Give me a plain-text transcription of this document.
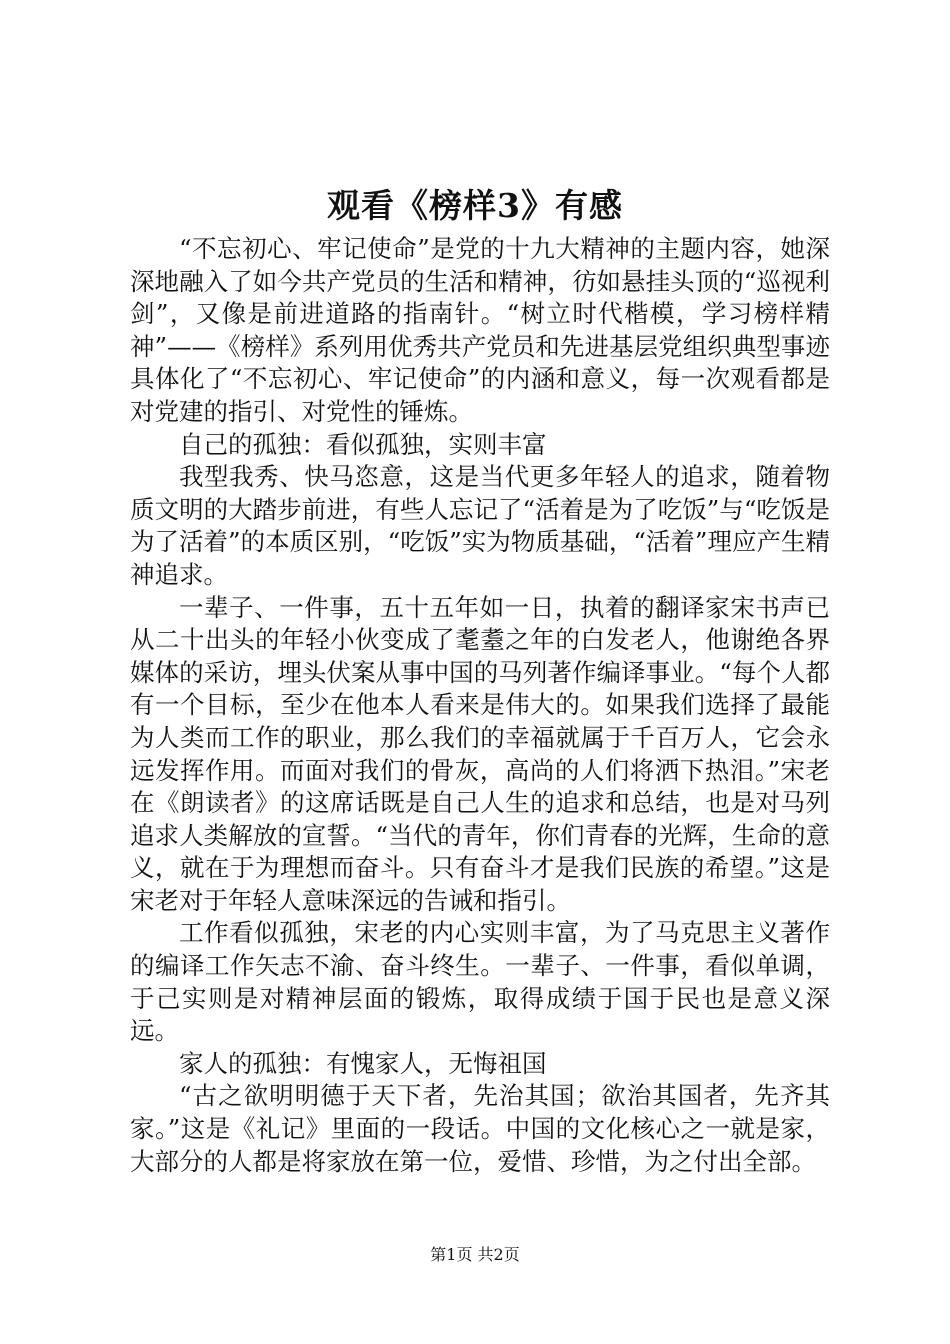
观看《榜样3》有感

“不忘初心、牢记使命”是党的十九大精神的主题内容，她深深地融入了如今共产党员的生活和精神，彷如悬挂头顶的“巡视利剑”，又像是前进道路的指南针。“树立时代楷模，学习榜样精神”——《榜样》系列用优秀共产党员和先进基层党组织典型事迹具体化了“不忘初心、牢记使命”的内涵和意义，每一次观看都是对党建的指引、对党性的锤炼。

自己的孤独：看似孤独，实则丰富

我型我秀、快马恣意，这是当代更多年轻人的追求，随着物质文明的大踏步前进，有些人忘记了“活着是为了吃饭”与“吃饭是为了活着”的本质区别，“吃饭”实为物质基础，“活着”理应产生精神追求。

一辈子、一件事，五十五年如一日，执着的翻译家宋书声已从二十出头的年轻小伙变成了耄耋之年的白发老人，他谢绝各界媒体的采访，埋头伏案从事中国的马列著作编译事业。“每个人都有一个目标，至少在他本人看来是伟大的。如果我们选择了最能为人类而工作的职业，那么我们的幸福就属于千百万人，它会永远发挥作用。而面对我们的骨灰，高尚的人们将洒下热泪。”宋老在《朗读者》的这席话既是自己人生的追求和总结，也是对马列追求人类解放的宣誓。“当代的青年，你们青春的光辉，生命的意义，就在于为理想而奋斗。只有奋斗才是我们民族的希望。”这是宋老对于年轻人意味深远的告诫和指引。

工作看似孤独，宋老的内心实则丰富，为了马克思主义著作的编译工作矢志不渝、奋斗终生。一辈子、一件事，看似单调，于己实则是对精神层面的锻炼，取得成绩于国于民也是意义深远。

家人的孤独：有愧家人，无悔祖国

“古之欲明明德于天下者，先治其国；欲治其国者，先齐其家。”这是《礼记》里面的一段话。中国的文化核心之一就是家，大部分的人都是将家放在第一位，爱惜、珍惜，为之付出全部。

第1页 共2页
